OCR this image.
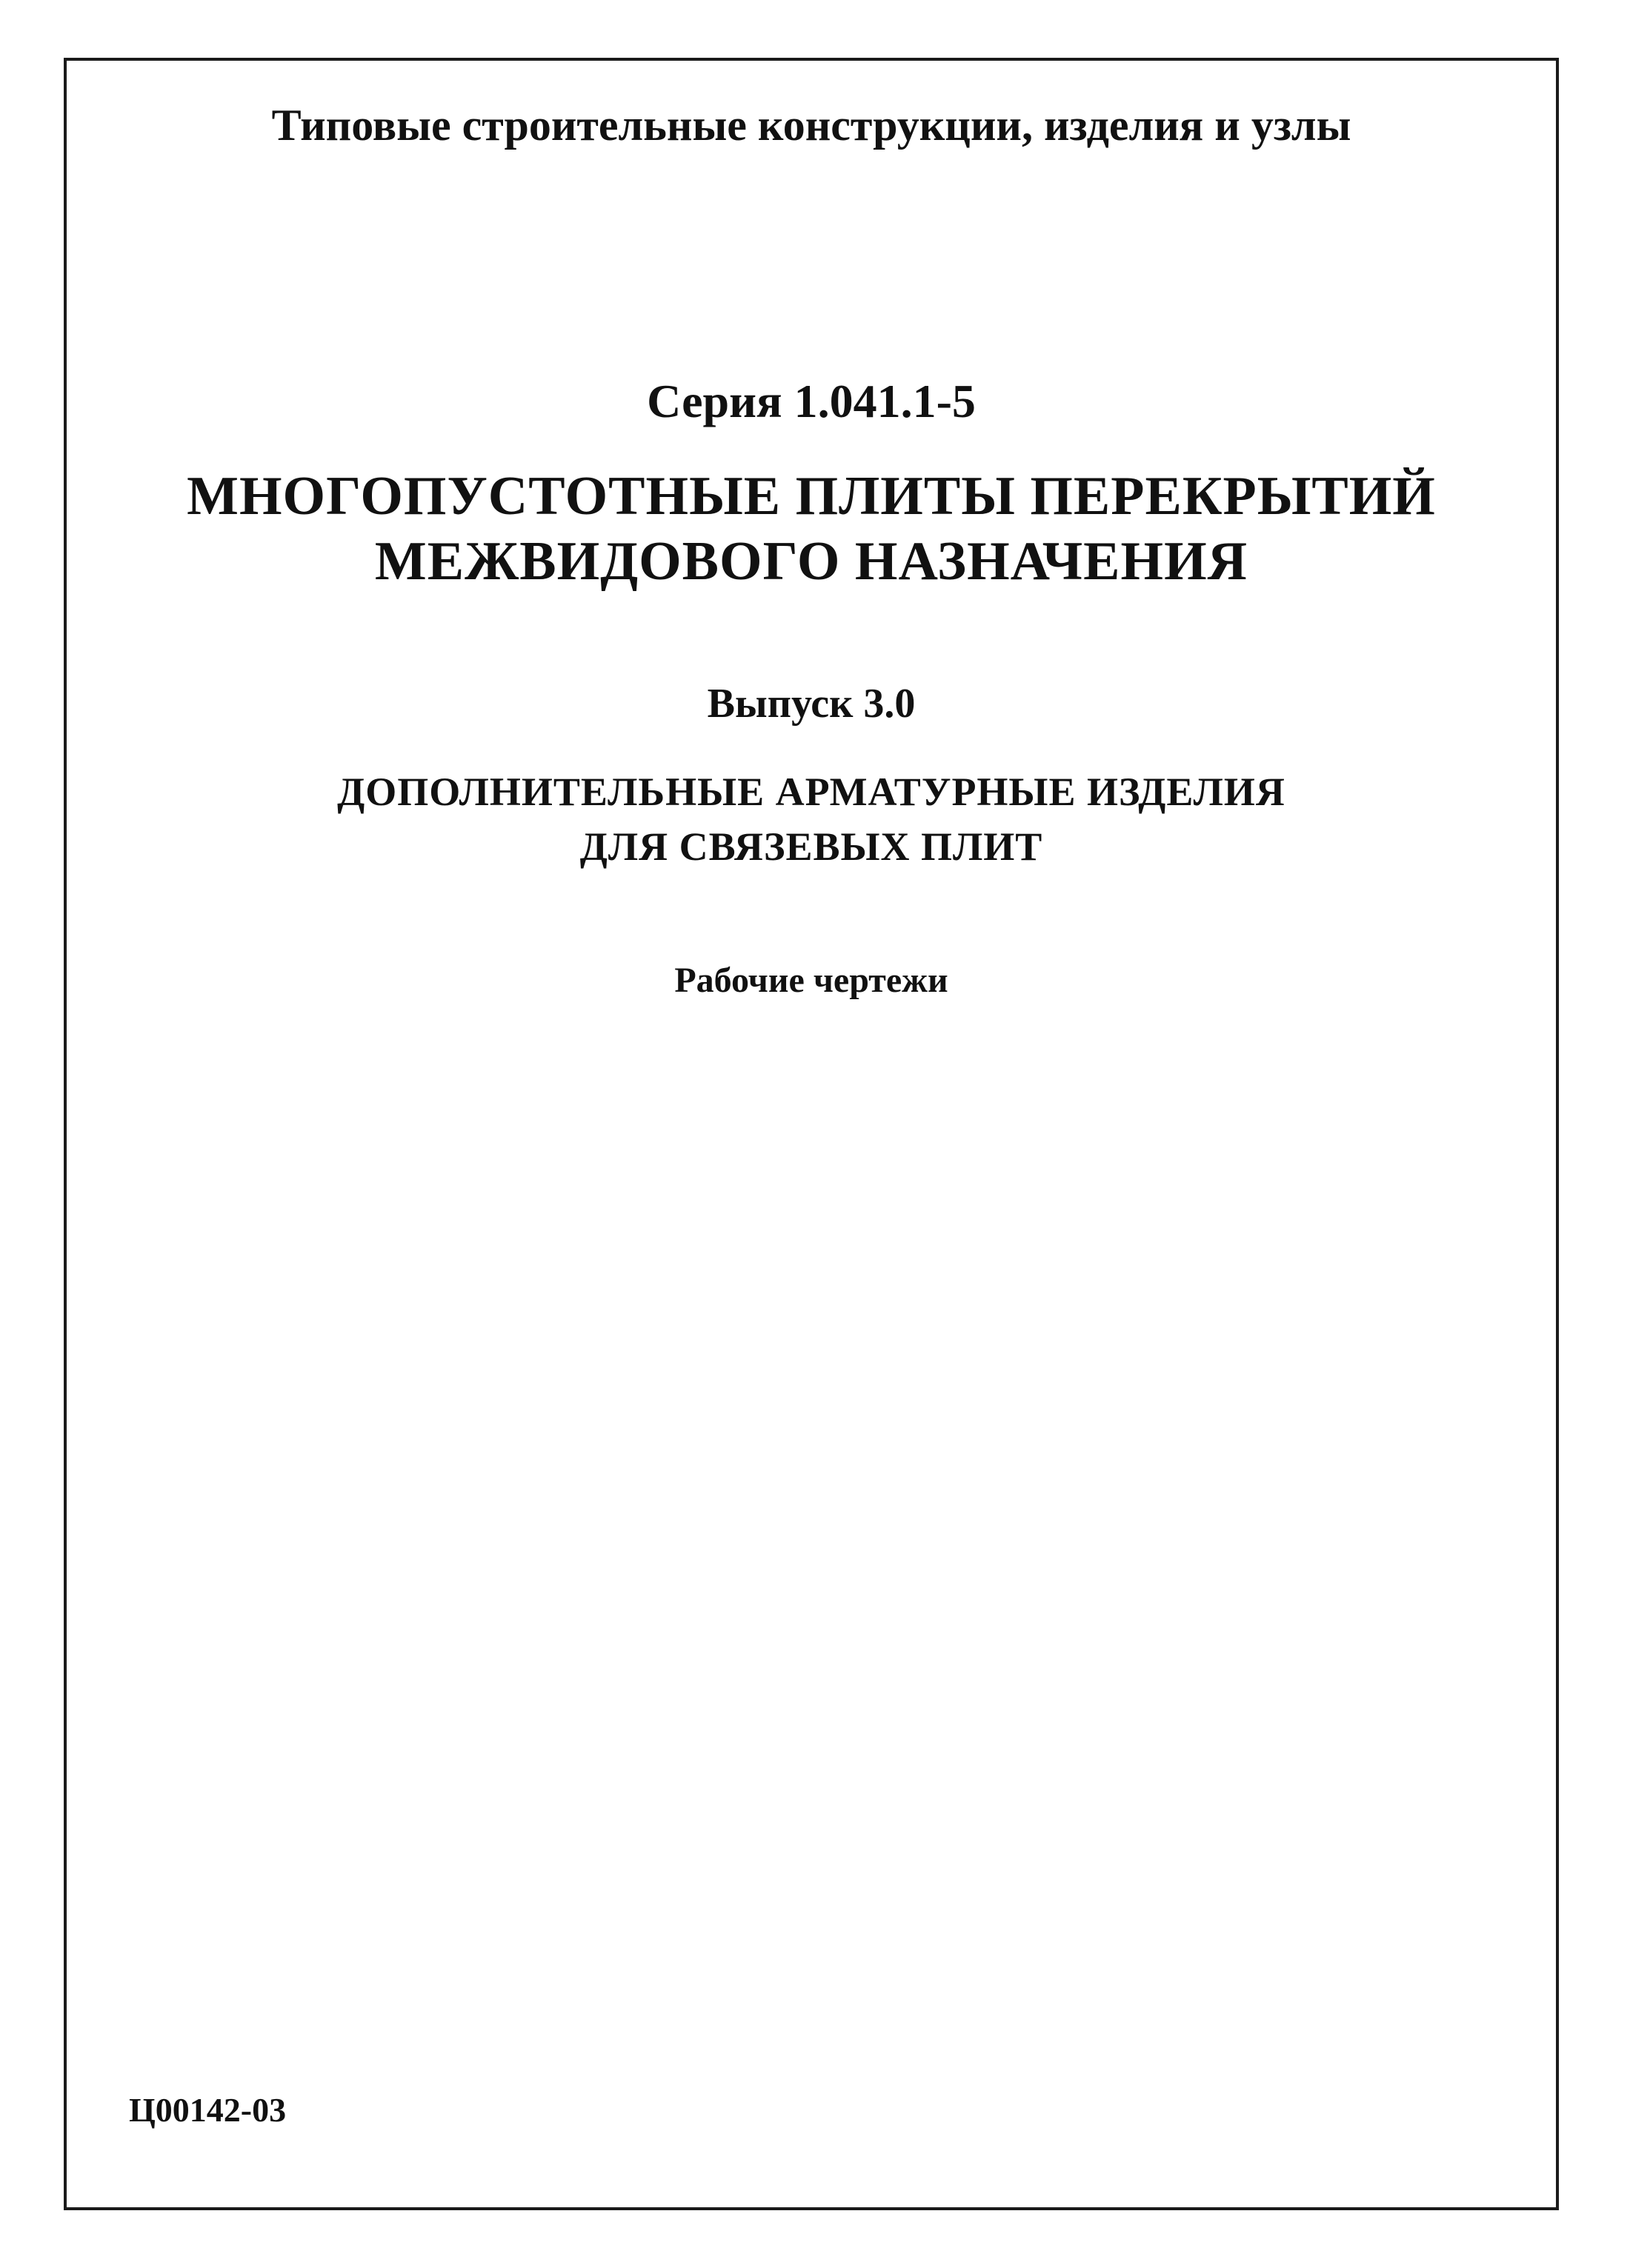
Типовые строительные конструкции, изделия и узлы
Серия 1.041.1-5
МНОГОПУСТОТНЫЕ ПЛИТЫ ПЕРЕКРЫТИЙ
МЕЖВИДОВОГО НАЗНАЧЕНИЯ
Выпуск 3.0
ДОПОЛНИТЕЛЬНЫЕ АРМАТУРНЫЕ ИЗДЕЛИЯ
ДЛЯ СВЯЗЕВЫХ ПЛИТ
Рабочие чертежи
Ц00142-03
